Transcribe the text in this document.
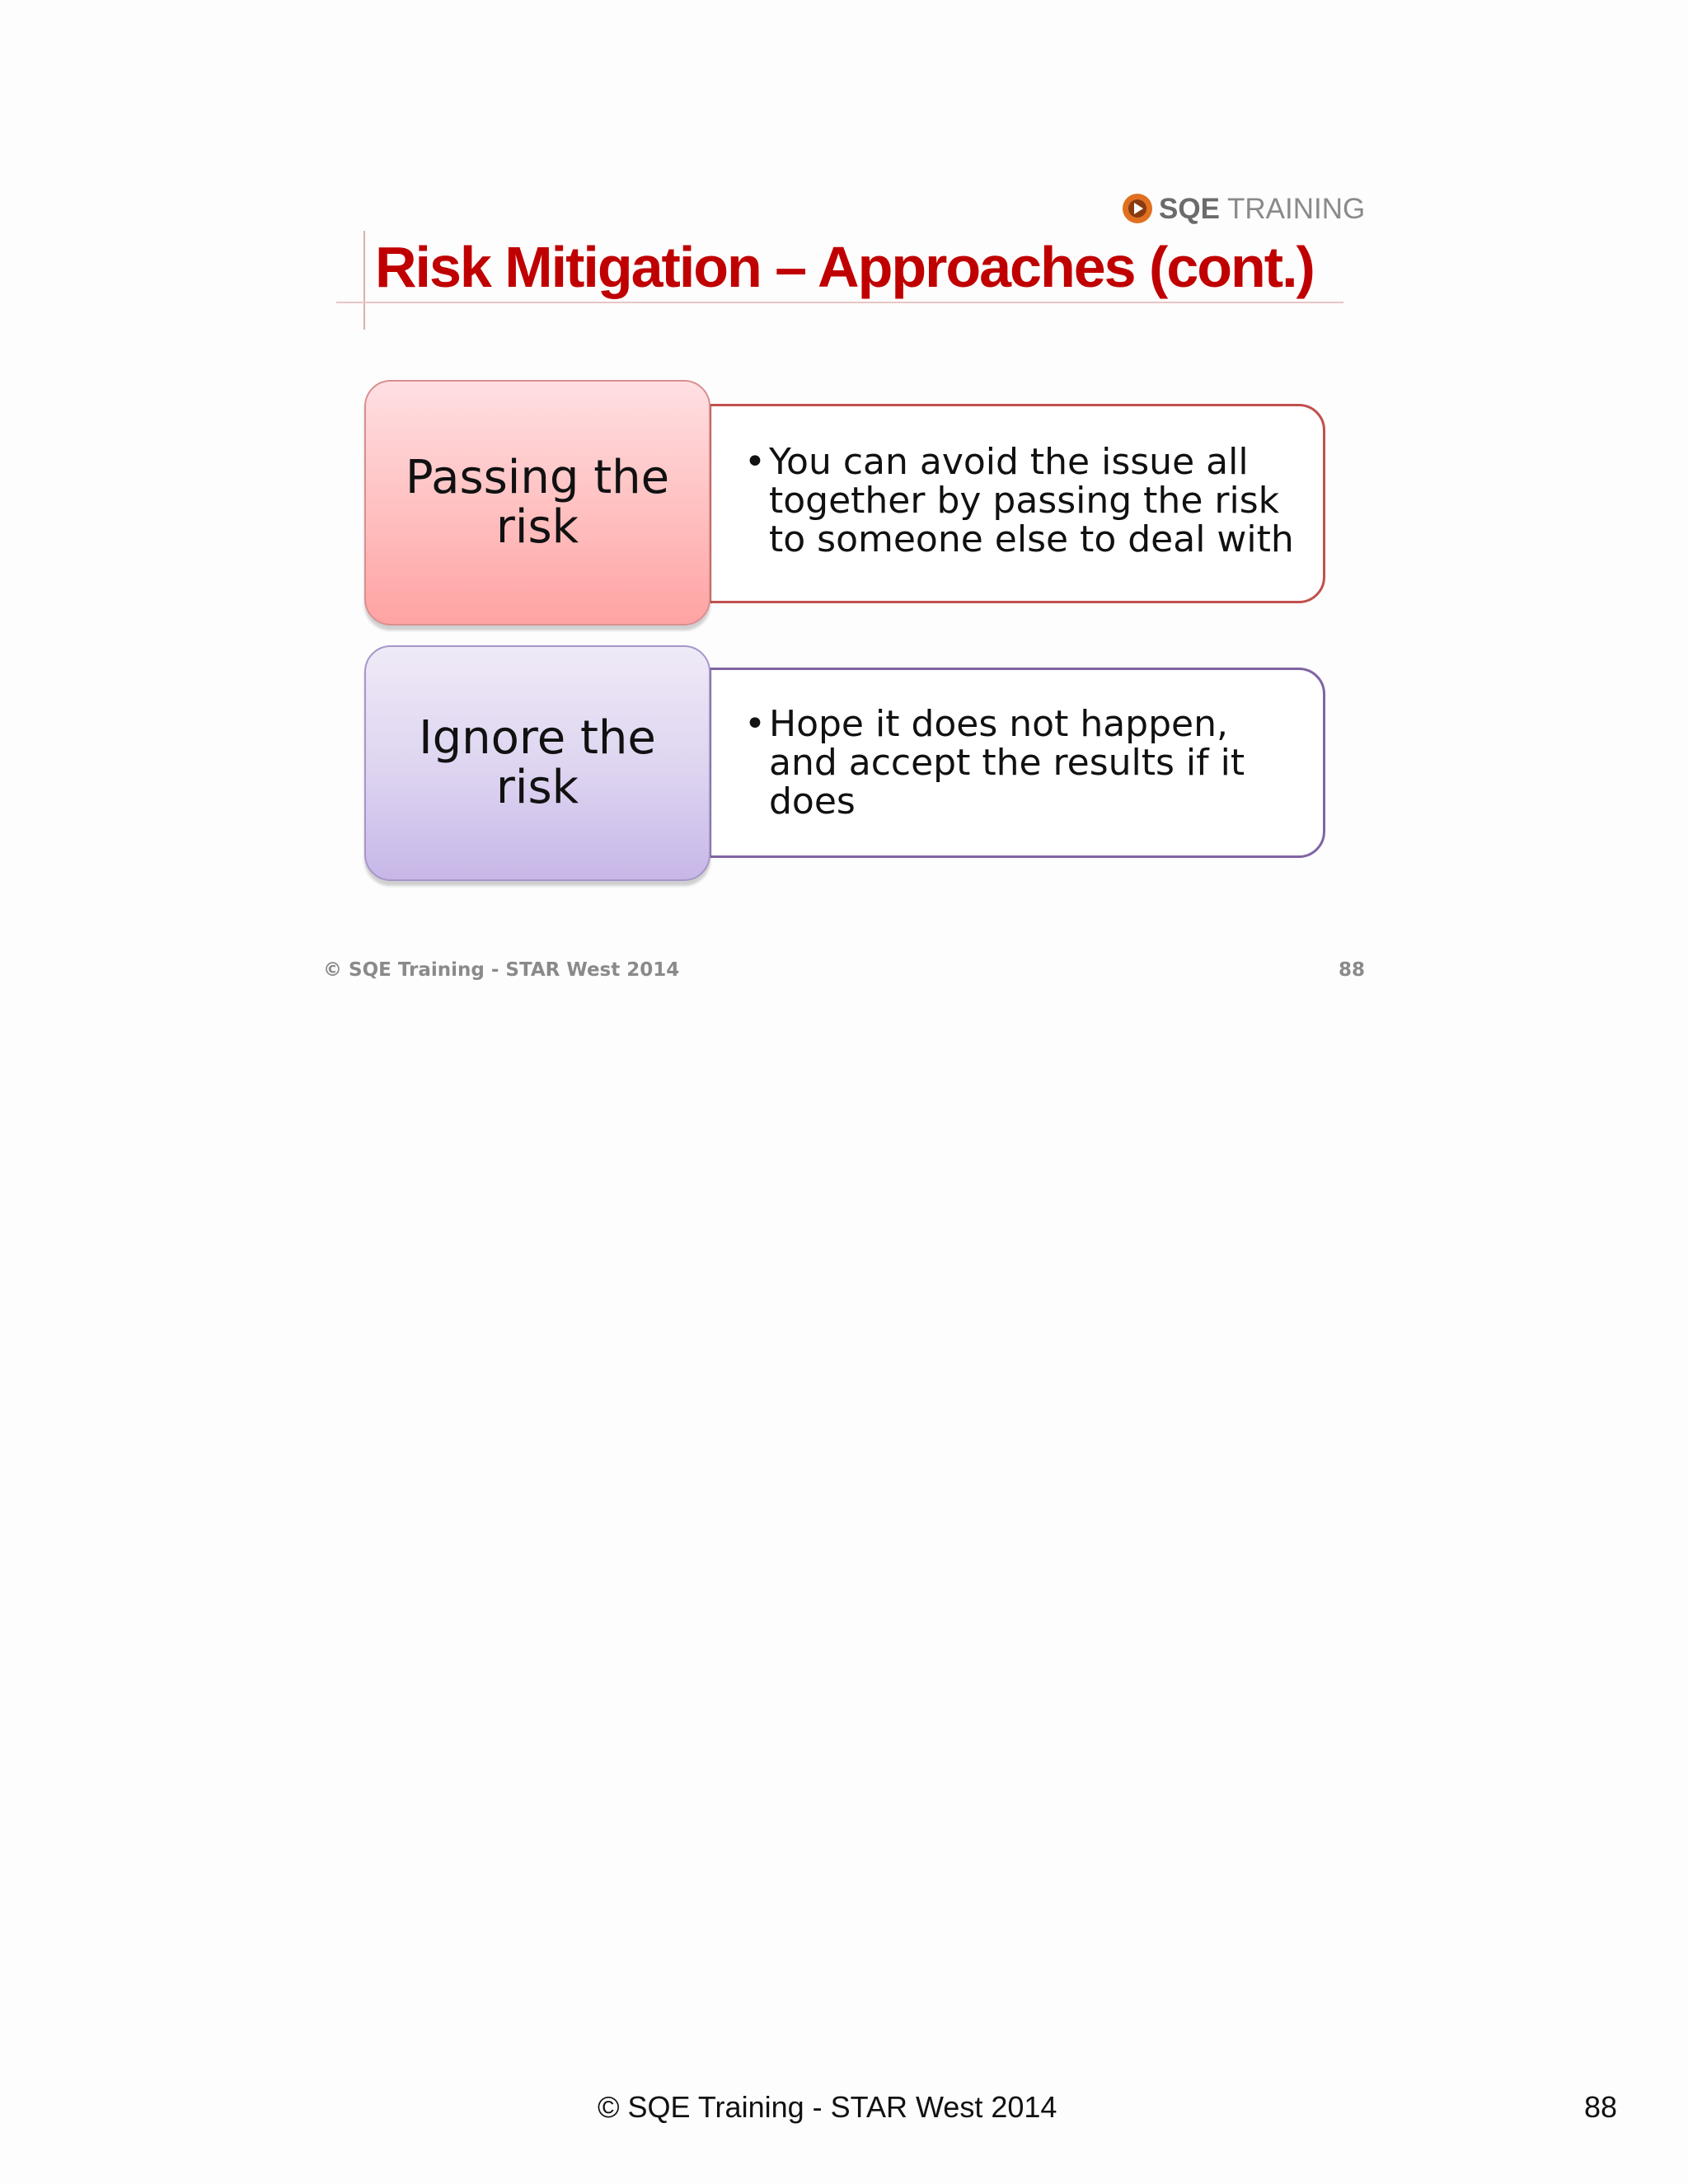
SQE TRAINING
Risk Mitigation – Approaches (cont.)
• You can avoid the issue all together by passing the risk to someone else to deal with
Passing the risk
• Hope it does not happen, and accept the results if it does
Ignore the risk
© SQE Training - STAR West 2014	88
© SQE Training - STAR West 2014	88
